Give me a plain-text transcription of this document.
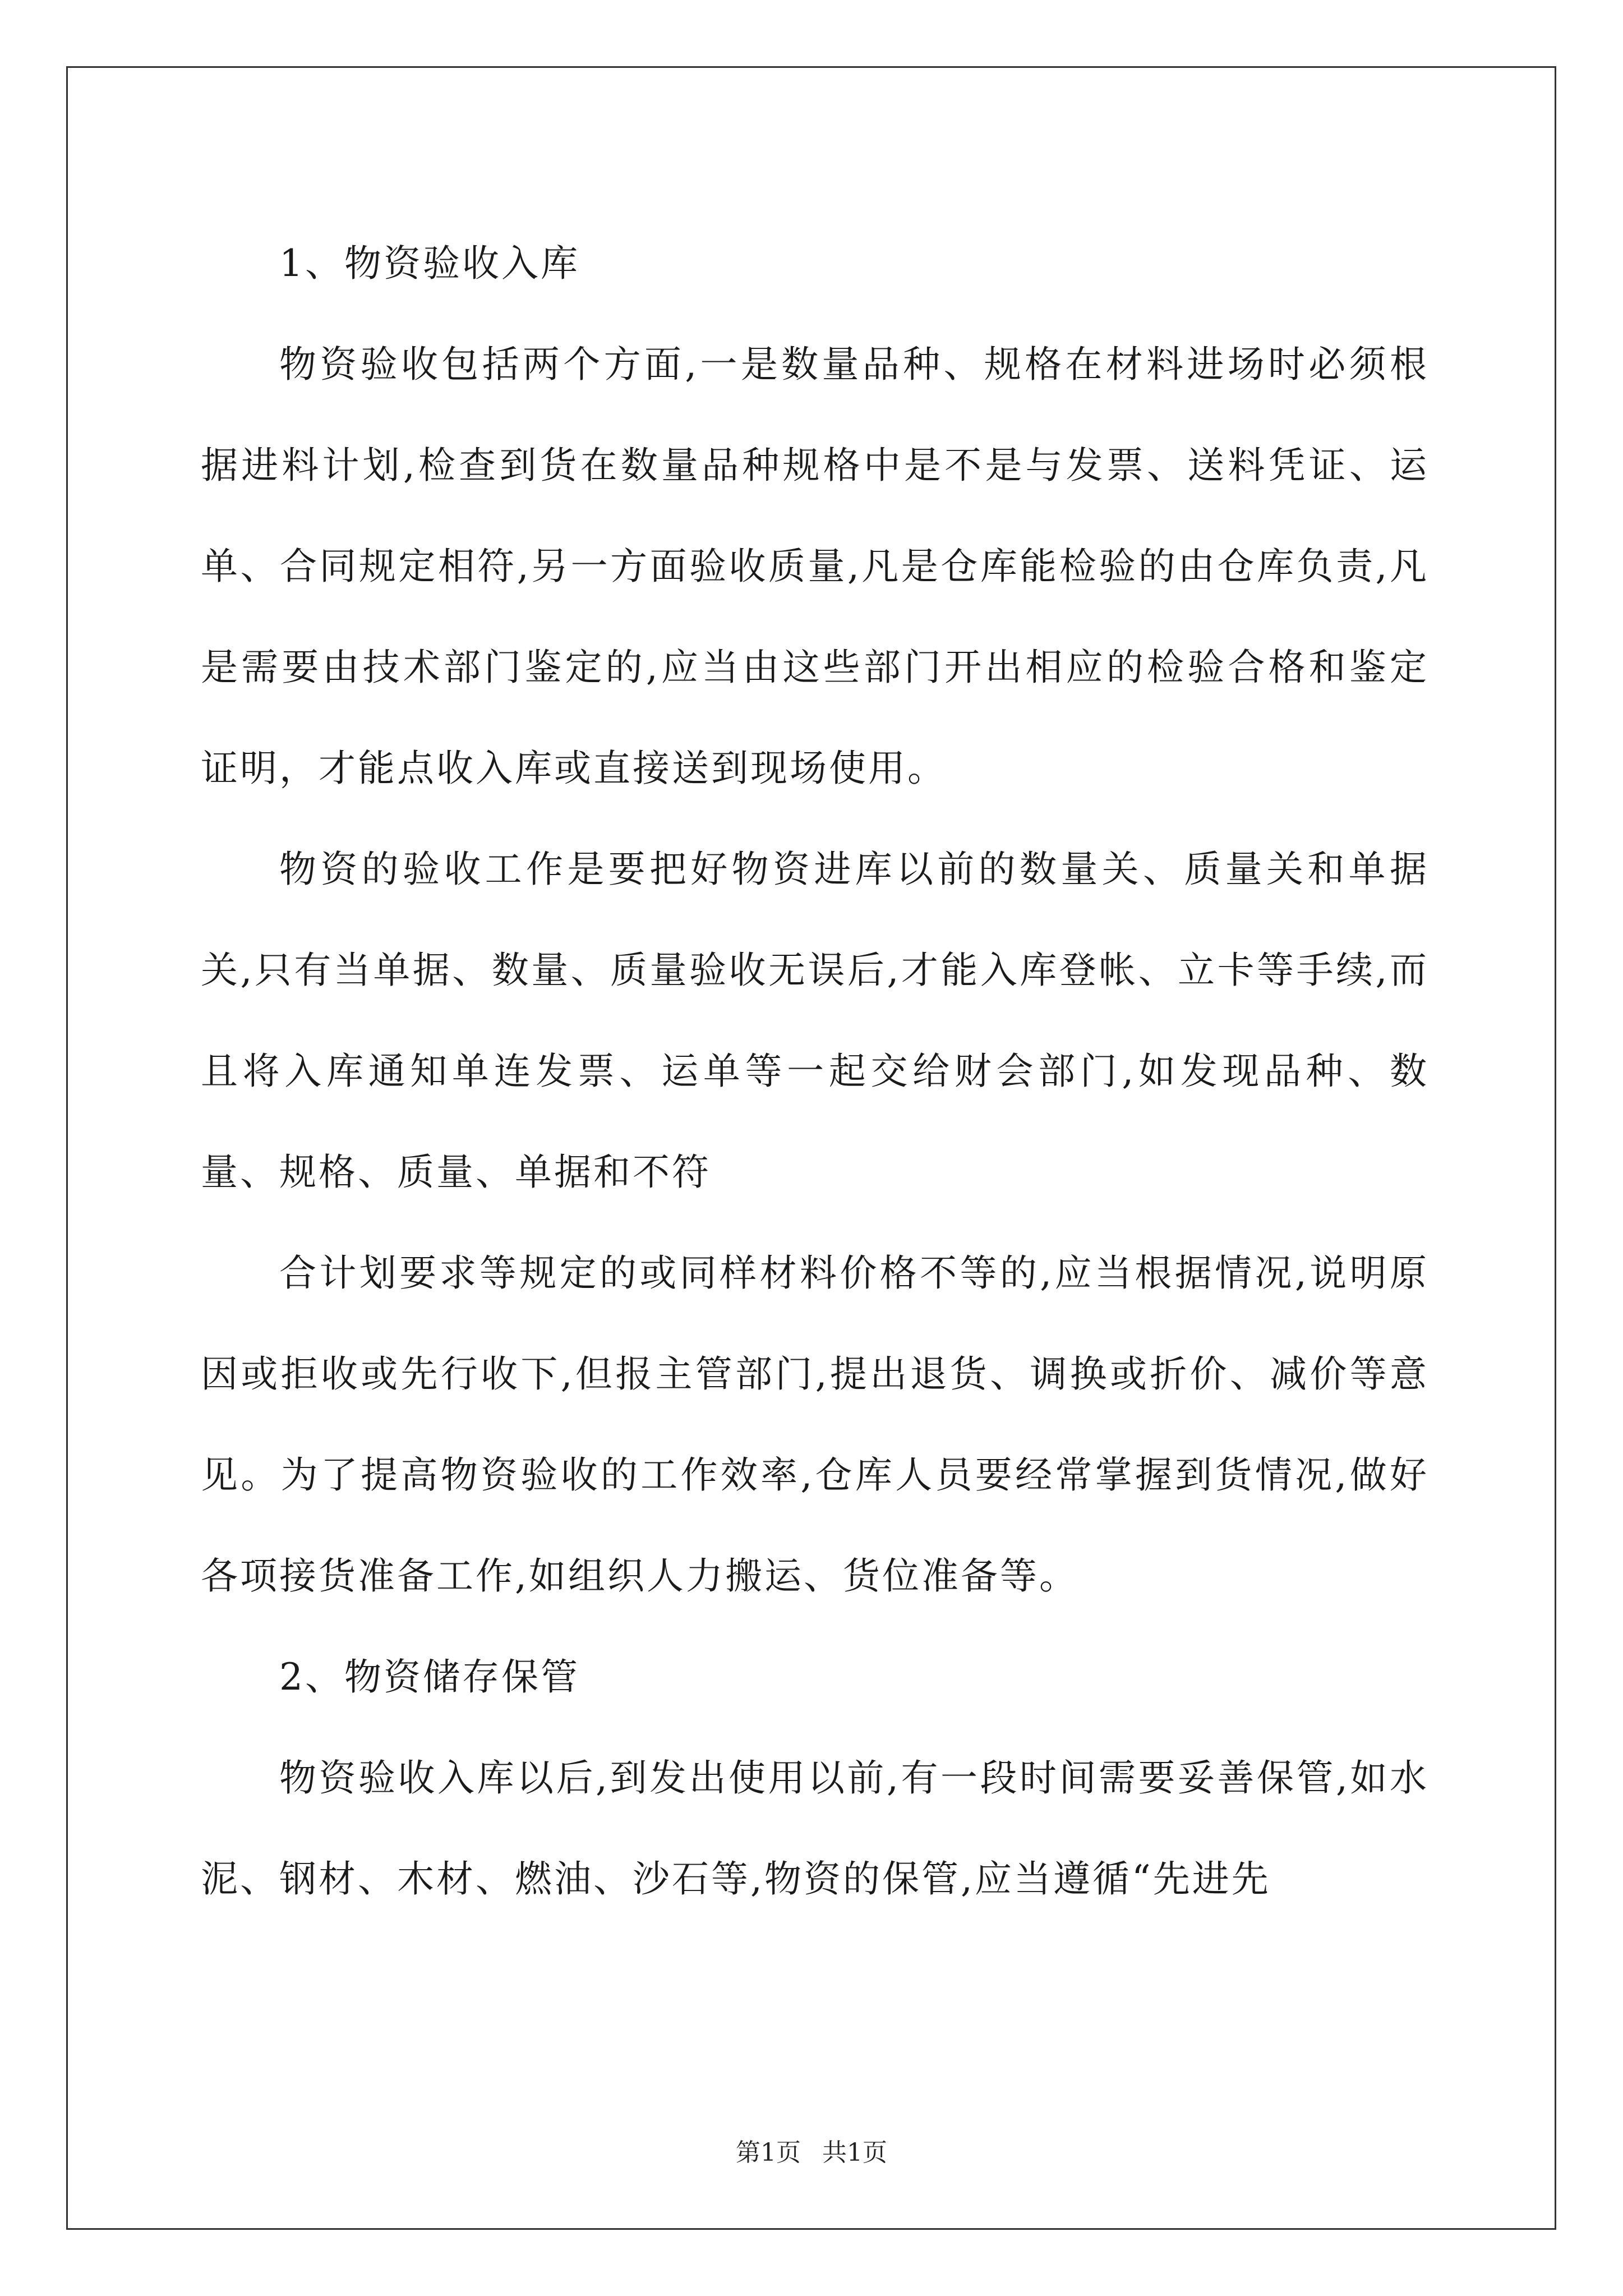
1、物资验收入库

物资验收包括两个方面,一是数量品种、规格在材料进场时必须根据进料计划,检查到货在数量品种规格中是不是与发票、送料凭证、运单、合同规定相符,另一方面验收质量,凡是仓库能检验的由仓库负责,凡是需要由技术部门鉴定的,应当由这些部门开出相应的检验合格和鉴定证明，才能点收入库或直接送到现场使用。

物资的验收工作是要把好物资进库以前的数量关、质量关和单据关,只有当单据、数量、质量验收无误后,才能入库登帐、立卡等手续,而且将入库通知单连发票、运单等一起交给财会部门,如发现品种、数量、规格、质量、单据和不符

合计划要求等规定的或同样材料价格不等的,应当根据情况,说明原因或拒收或先行收下,但报主管部门,提出退货、调换或折价、减价等意见。为了提高物资验收的工作效率,仓库人员要经常掌握到货情况,做好各项接货准备工作,如组织人力搬运、货位准备等。

2、物资储存保管

物资验收入库以后,到发出使用以前,有一段时间需要妥善保管,如水泥、钢材、木材、燃油、沙石等,物资的保管,应当遵循“先进先

第1页 共1页
